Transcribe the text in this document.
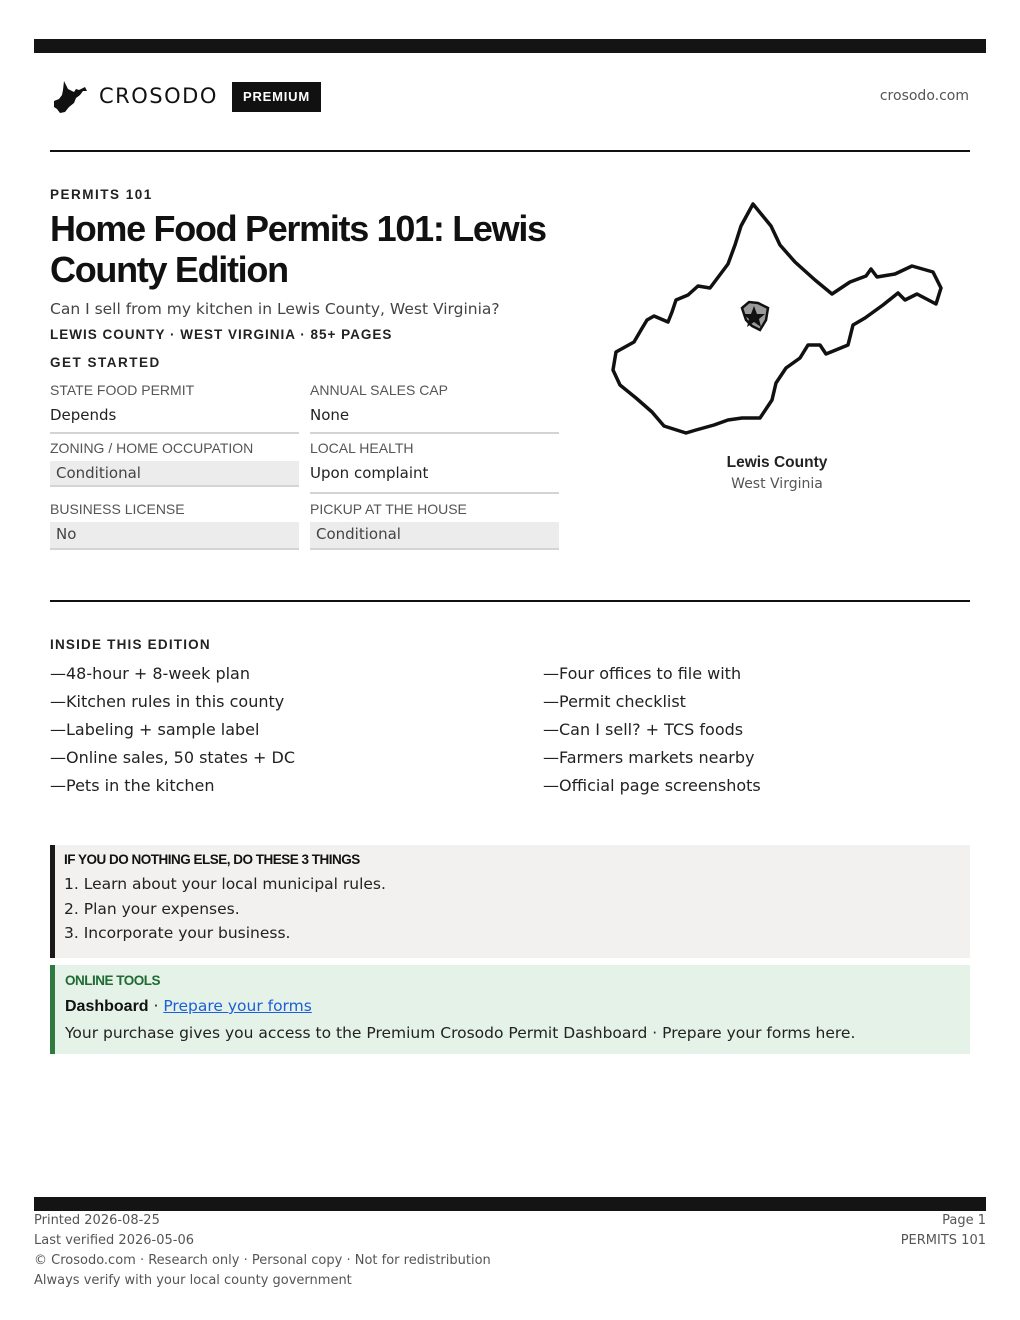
CROSODO	PREMIUM	crosodo.com
PERMITS 101
Home Food Permits 101: Lewis County Edition
Can I sell from my kitchen in Lewis County, West Virginia?
LEWIS COUNTY · WEST VIRGINIA · 85+ PAGES
GET STARTED
STATE FOOD PERMIT
Depends
ANNUAL SALES CAP
None
ZONING / HOME OCCUPATION
Conditional
LOCAL HEALTH
Upon complaint
BUSINESS LICENSE
No
PICKUP AT THE HOUSE
Conditional
Lewis County
West Virginia
INSIDE THIS EDITION
—48-hour + 8-week plan
—Kitchen rules in this county
—Labeling + sample label
—Online sales, 50 states + DC
—Pets in the kitchen
—Four offices to file with
—Permit checklist
—Can I sell? + TCS foods
—Farmers markets nearby
—Official page screenshots
IF YOU DO NOTHING ELSE, DO THESE 3 THINGS
1. Learn about your local municipal rules.
2. Plan your expenses.
3. Incorporate your business.
ONLINE TOOLS
Dashboard · Prepare your forms
Your purchase gives you access to the Premium Crosodo Permit Dashboard · Prepare your forms here.
Printed 2026-08-25
Last verified 2026-05-06
© Crosodo.com · Research only · Personal copy · Not for redistribution
Always verify with your local county government
Page 1
PERMITS 101
